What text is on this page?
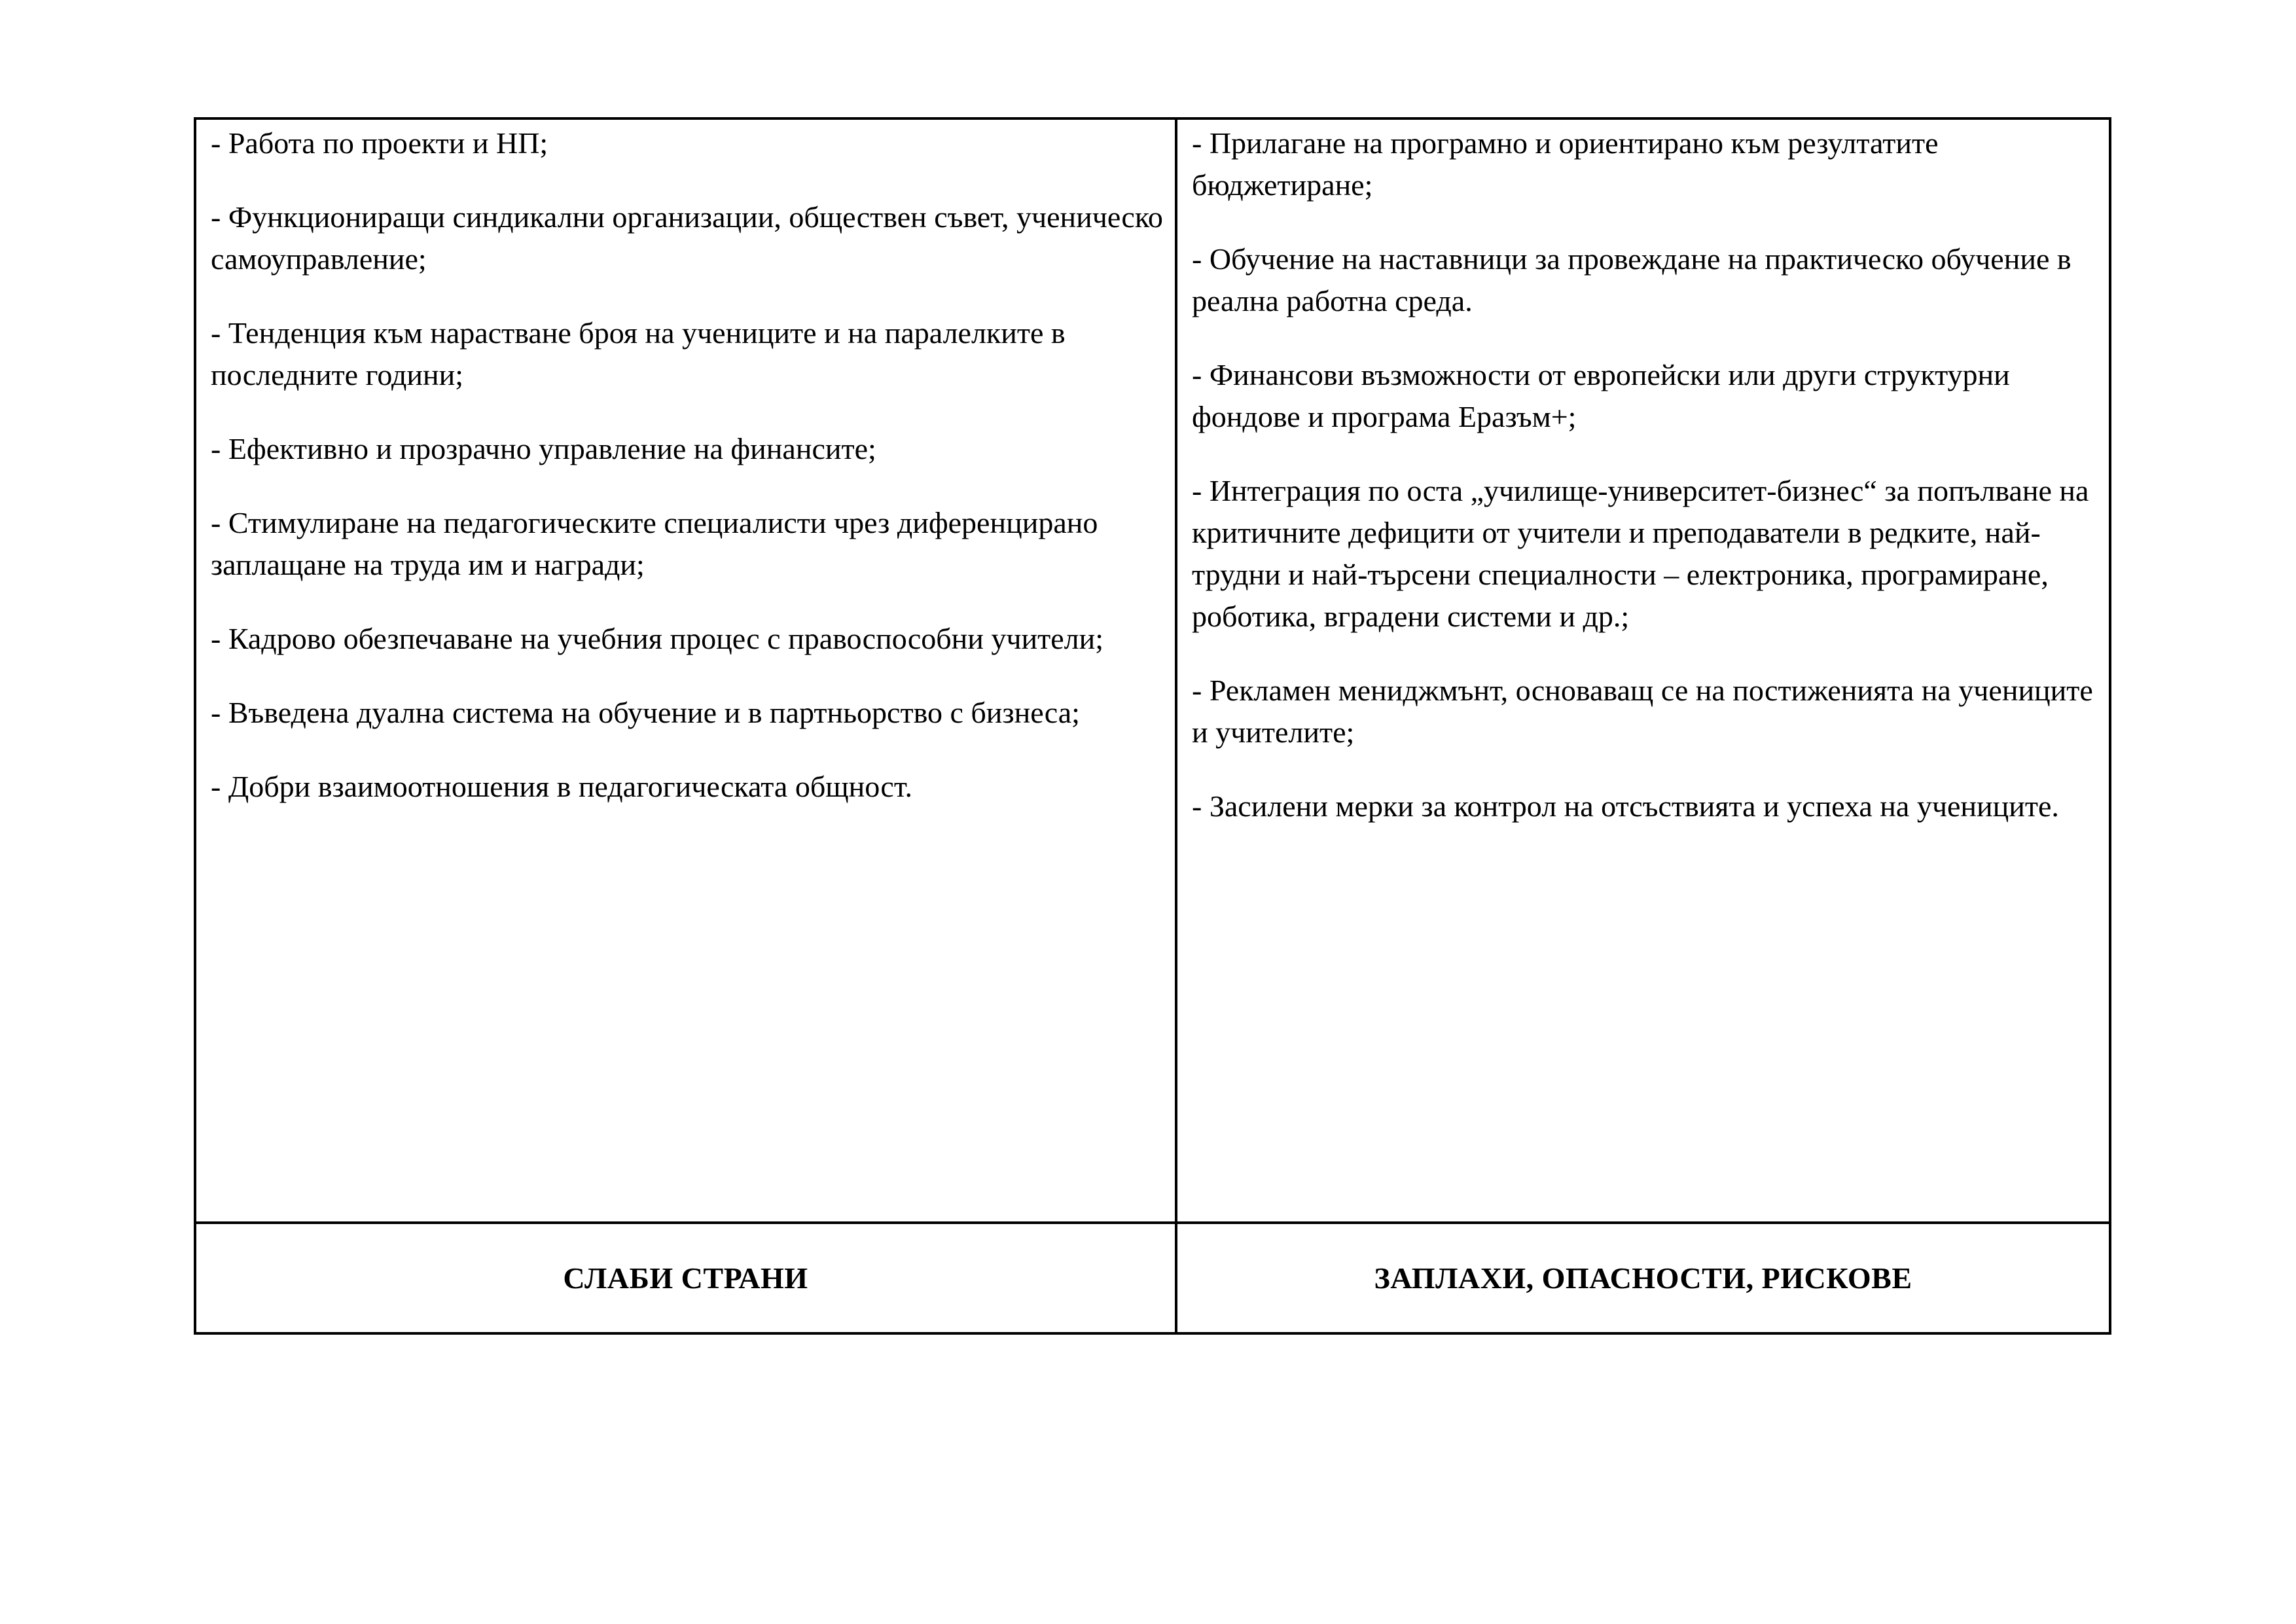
- Работа по проекти и НП;

- Функциониращи синдикални организации, обществен съвет, ученическо самоуправление;

- Тенденция към нарастване броя на учениците и на паралелките в последните години;

- Ефективно и прозрачно управление на финансите;

- Стимулиране на педагогическите специалисти чрез диференцирано заплащане на труда им и награди;

- Кадрово обезпечаване на учебния процес с правоспособни учители;

- Въведена дуална система на обучение и в партньорство с бизнеса;

- Добри взаимоотношения в педагогическата общност.

- Прилагане на програмно и ориентирано към резултатите бюджетиране;

- Обучение на наставници за провеждане на практическо обучение в реална работна среда.

- Финансови възможности от европейски или други структурни фондове и програма Еразъм+;

- Интеграция по оста „училище-университет-бизнес“ за попълване на критичните дефицити от учители и преподаватели в редките, най-трудни и най-търсени специалности – електроника, програмиране, роботика, вградени системи и др.;

- Рекламен мениджмънт, основаващ се на постиженията на учениците и учителите;

- Засилени мерки за контрол на отсъствията и успеха на учениците.

СЛАБИ СТРАНИ	ЗАПЛАХИ, ОПАСНОСТИ, РИСКОВЕ
